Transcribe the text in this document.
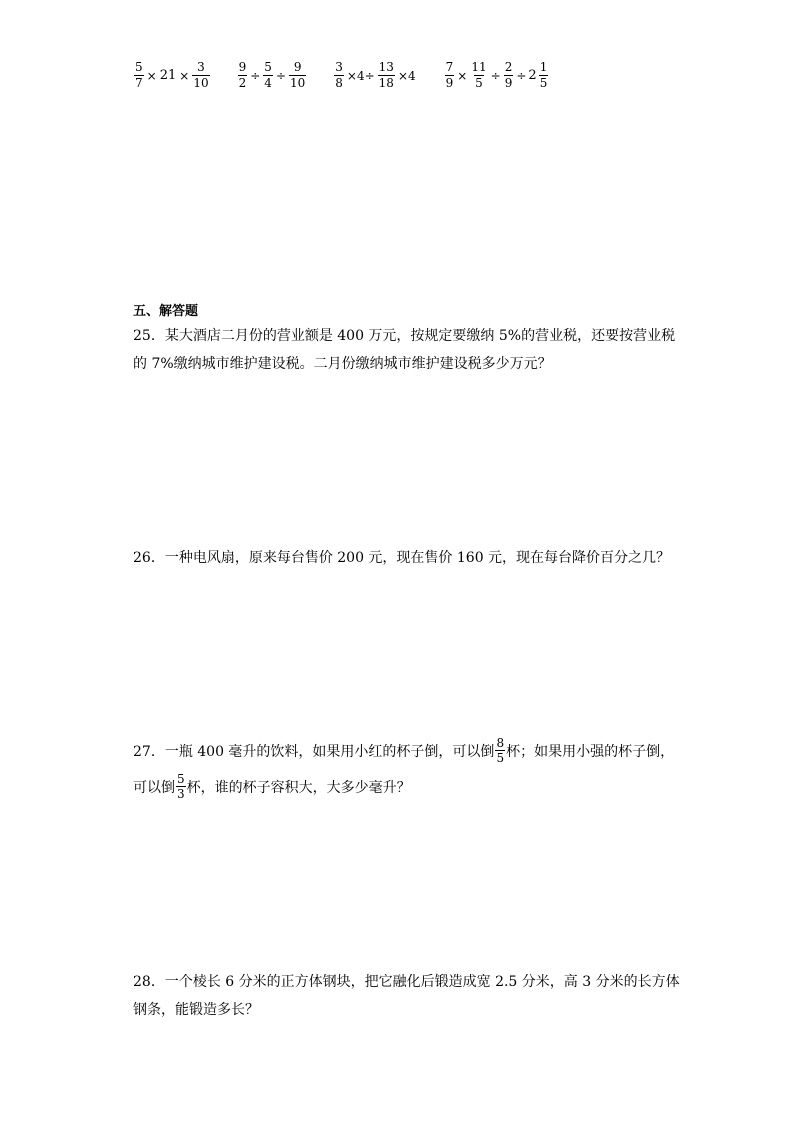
$\frac{5}{7} \times 21 \times \frac{3}{10} \frac{9}{2} \div \frac{5}{4} \div \frac{9}{10} \frac{3}{8} \times 4\div \frac{13}{18} \times 4 \frac{7}{9} \times \frac{11}{5} \div \frac{2}{9} \div 2 \frac{1}{5}$
五、解答题
25．某大酒店二月份的营业额是 400 万元，按规定要缴纳 5%的营业税，还要按营业税
的 7%缴纳城市维护建设税。二月份缴纳城市维护建设税多少万元？
26．一种电风扇，原来每台售价 200 元，现在售价 160 元，现在每台降价百分之几？
27．一瓶 400 毫升的饮料，如果用小红的杯子倒，可以倒 $\frac{8}{5}$ 杯；如果用小强的杯子倒，
可以倒 $\frac{5}{3}$ 杯，谁的杯子容积大，大多少毫升？
28．一个棱长 6 分米的正方体钢块，把它融化后锻造成宽 2.5 分米，高 3 分米的长方体
钢条，能锻造多长？
